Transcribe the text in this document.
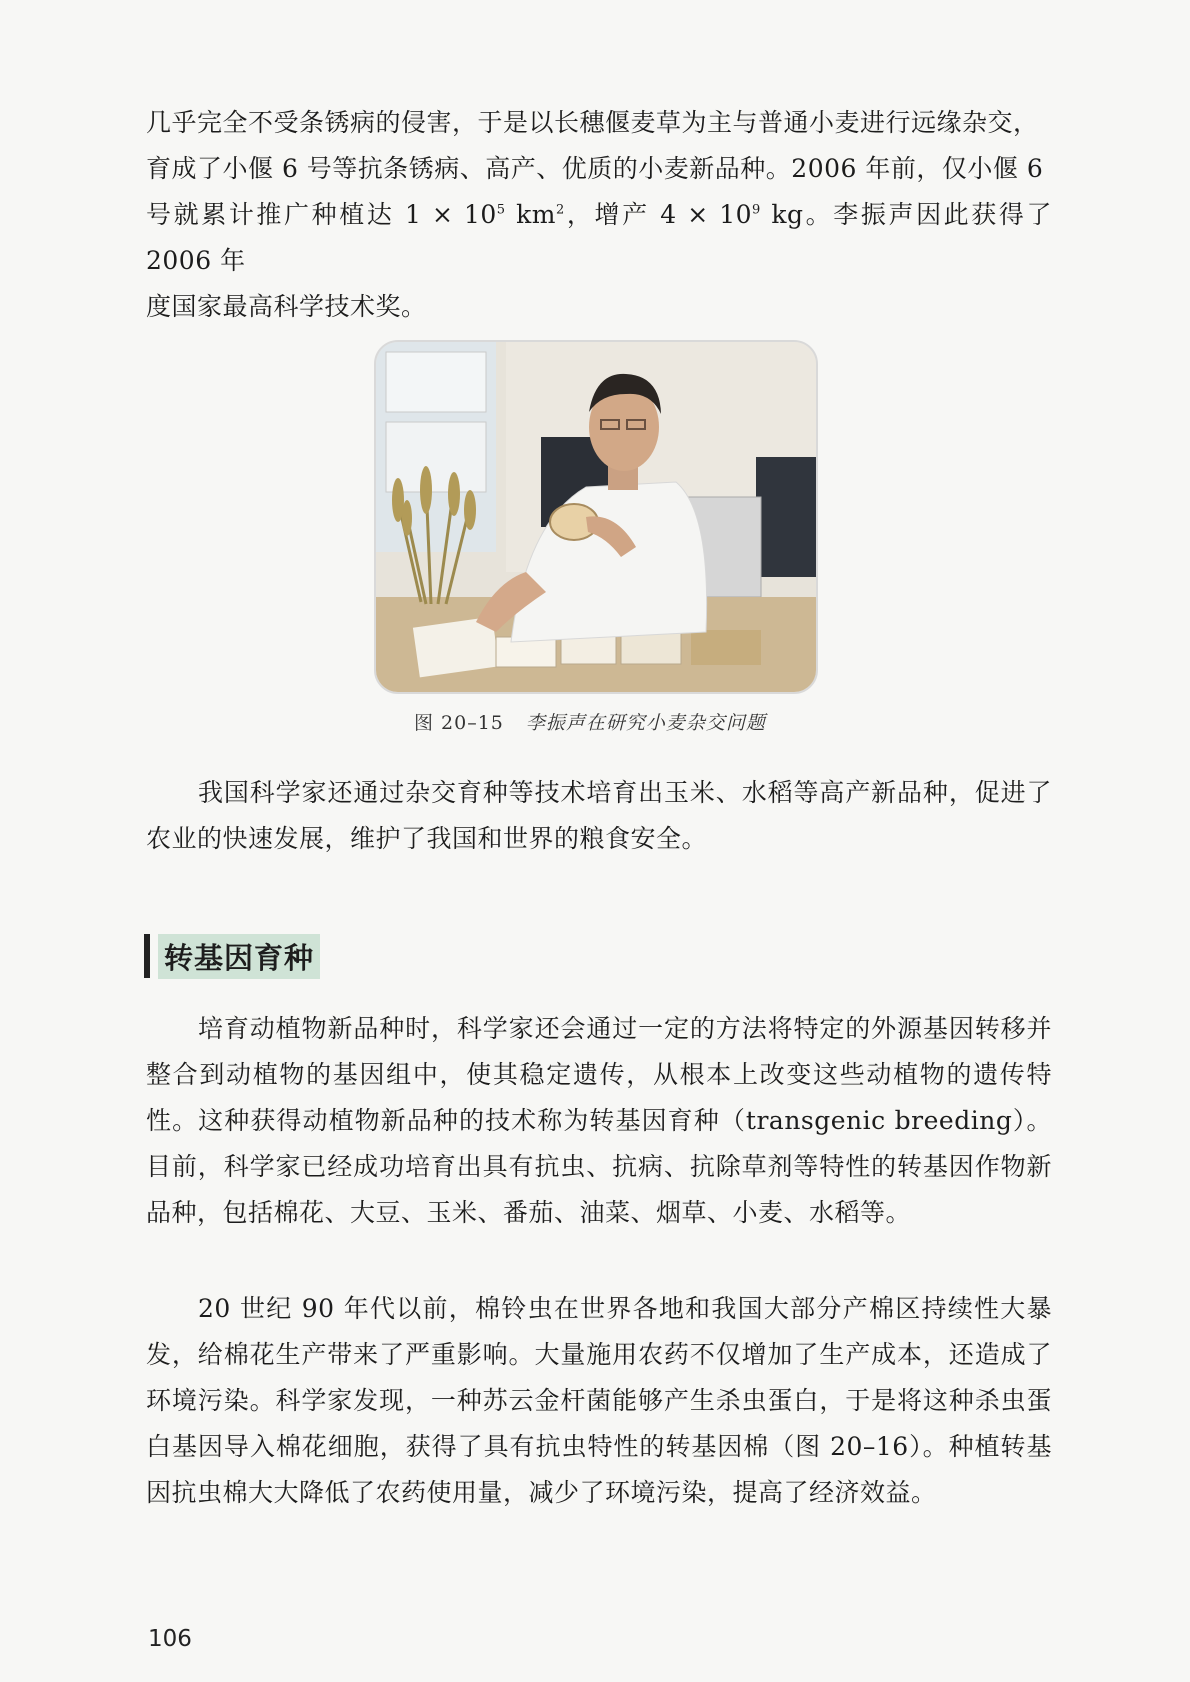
几乎完全不受条锈病的侵害，于是以长穗偃麦草为主与普通小麦进行远缘杂交，
育成了小偃 6 号等抗条锈病、高产、优质的小麦新品种。2006 年前，仅小偃 6
号就累计推广种植达 $1 \times 10^5$ $km^2$，增产 $4 \times 10^9$ kg。李振声因此获得了 2006 年
度国家最高科学技术奖。

图 20–15 李振声在研究小麦杂交问题

我国科学家还通过杂交育种等技术培育出玉米、水稻等高产新品种，促进了农业的快速发展，维护了我国和世界的粮食安全。

转基因育种

培育动植物新品种时，科学家还会通过一定的方法将特定的外源基因转移并整合到动植物的基因组中，使其稳定遗传，从根本上改变这些动植物的遗传特性。这种获得动植物新品种的技术称为转基因育种（transgenic breeding）。目前，科学家已经成功培育出具有抗虫、抗病、抗除草剂等特性的转基因作物新品种，包括棉花、大豆、玉米、番茄、油菜、烟草、小麦、水稻等。

20 世纪 90 年代以前，棉铃虫在世界各地和我国大部分产棉区持续性大暴发，给棉花生产带来了严重影响。大量施用农药不仅增加了生产成本，还造成了环境污染。科学家发现，一种苏云金杆菌能够产生杀虫蛋白，于是将这种杀虫蛋白基因导入棉花细胞，获得了具有抗虫特性的转基因棉（图 20–16）。种植转基因抗虫棉大大降低了农药使用量，减少了环境污染，提高了经济效益。

106
